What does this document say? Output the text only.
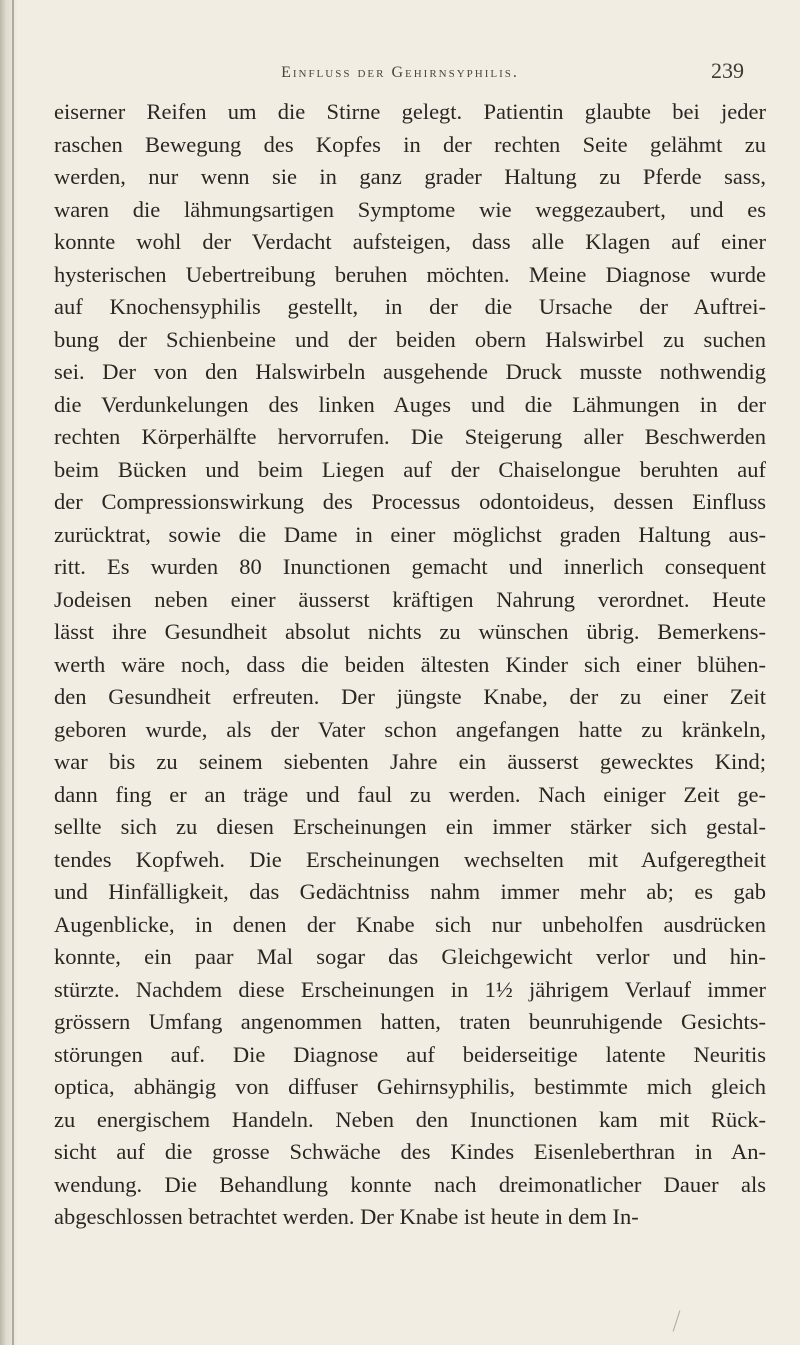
Einfluss der Gehirnsyphilis.	239
eiserner Reifen um die Stirne gelegt. Patientin glaubte bei jeder
raschen Bewegung des Kopfes in der rechten Seite gelähmt zu
werden, nur wenn sie in ganz grader Haltung zu Pferde sass,
waren die lähmungsartigen Symptome wie weggezaubert, und es
konnte wohl der Verdacht aufsteigen, dass alle Klagen auf einer
hysterischen Uebertreibung beruhen möchten. Meine Diagnose wurde
auf Knochensyphilis gestellt, in der die Ursache der Auftrei-
bung der Schienbeine und der beiden obern Halswirbel zu suchen
sei. Der von den Halswirbeln ausgehende Druck musste nothwendig
die Verdunkelungen des linken Auges und die Lähmungen in der
rechten Körperhälfte hervorrufen. Die Steigerung aller Beschwerden
beim Bücken und beim Liegen auf der Chaiselongue beruhten auf
der Compressionswirkung des Processus odontoideus, dessen Einfluss
zurücktrat, sowie die Dame in einer möglichst graden Haltung aus-
ritt. Es wurden 80 Inunctionen gemacht und innerlich consequent
Jodeisen neben einer äusserst kräftigen Nahrung verordnet. Heute
lässt ihre Gesundheit absolut nichts zu wünschen übrig. Bemerkens-
werth wäre noch, dass die beiden ältesten Kinder sich einer blühen-
den Gesundheit erfreuten. Der jüngste Knabe, der zu einer Zeit
geboren wurde, als der Vater schon angefangen hatte zu kränkeln,
war bis zu seinem siebenten Jahre ein äusserst gewecktes Kind;
dann fing er an träge und faul zu werden. Nach einiger Zeit ge-
sellte sich zu diesen Erscheinungen ein immer stärker sich gestal-
tendes Kopfweh. Die Erscheinungen wechselten mit Aufgeregtheit
und Hinfälligkeit, das Gedächtniss nahm immer mehr ab; es gab
Augenblicke, in denen der Knabe sich nur unbeholfen ausdrücken
konnte, ein paar Mal sogar das Gleichgewicht verlor und hin-
stürzte. Nachdem diese Erscheinungen in 1½ jährigem Verlauf immer
grössern Umfang angenommen hatten, traten beunruhigende Gesichts-
störungen auf. Die Diagnose auf beiderseitige latente Neuritis
optica, abhängig von diffuser Gehirnsyphilis, bestimmte mich gleich
zu energischem Handeln. Neben den Inunctionen kam mit Rück-
sicht auf die grosse Schwäche des Kindes Eisenleberthran in An-
wendung. Die Behandlung konnte nach dreimonatlicher Dauer als
abgeschlossen betrachtet werden. Der Knabe ist heute in dem In-
